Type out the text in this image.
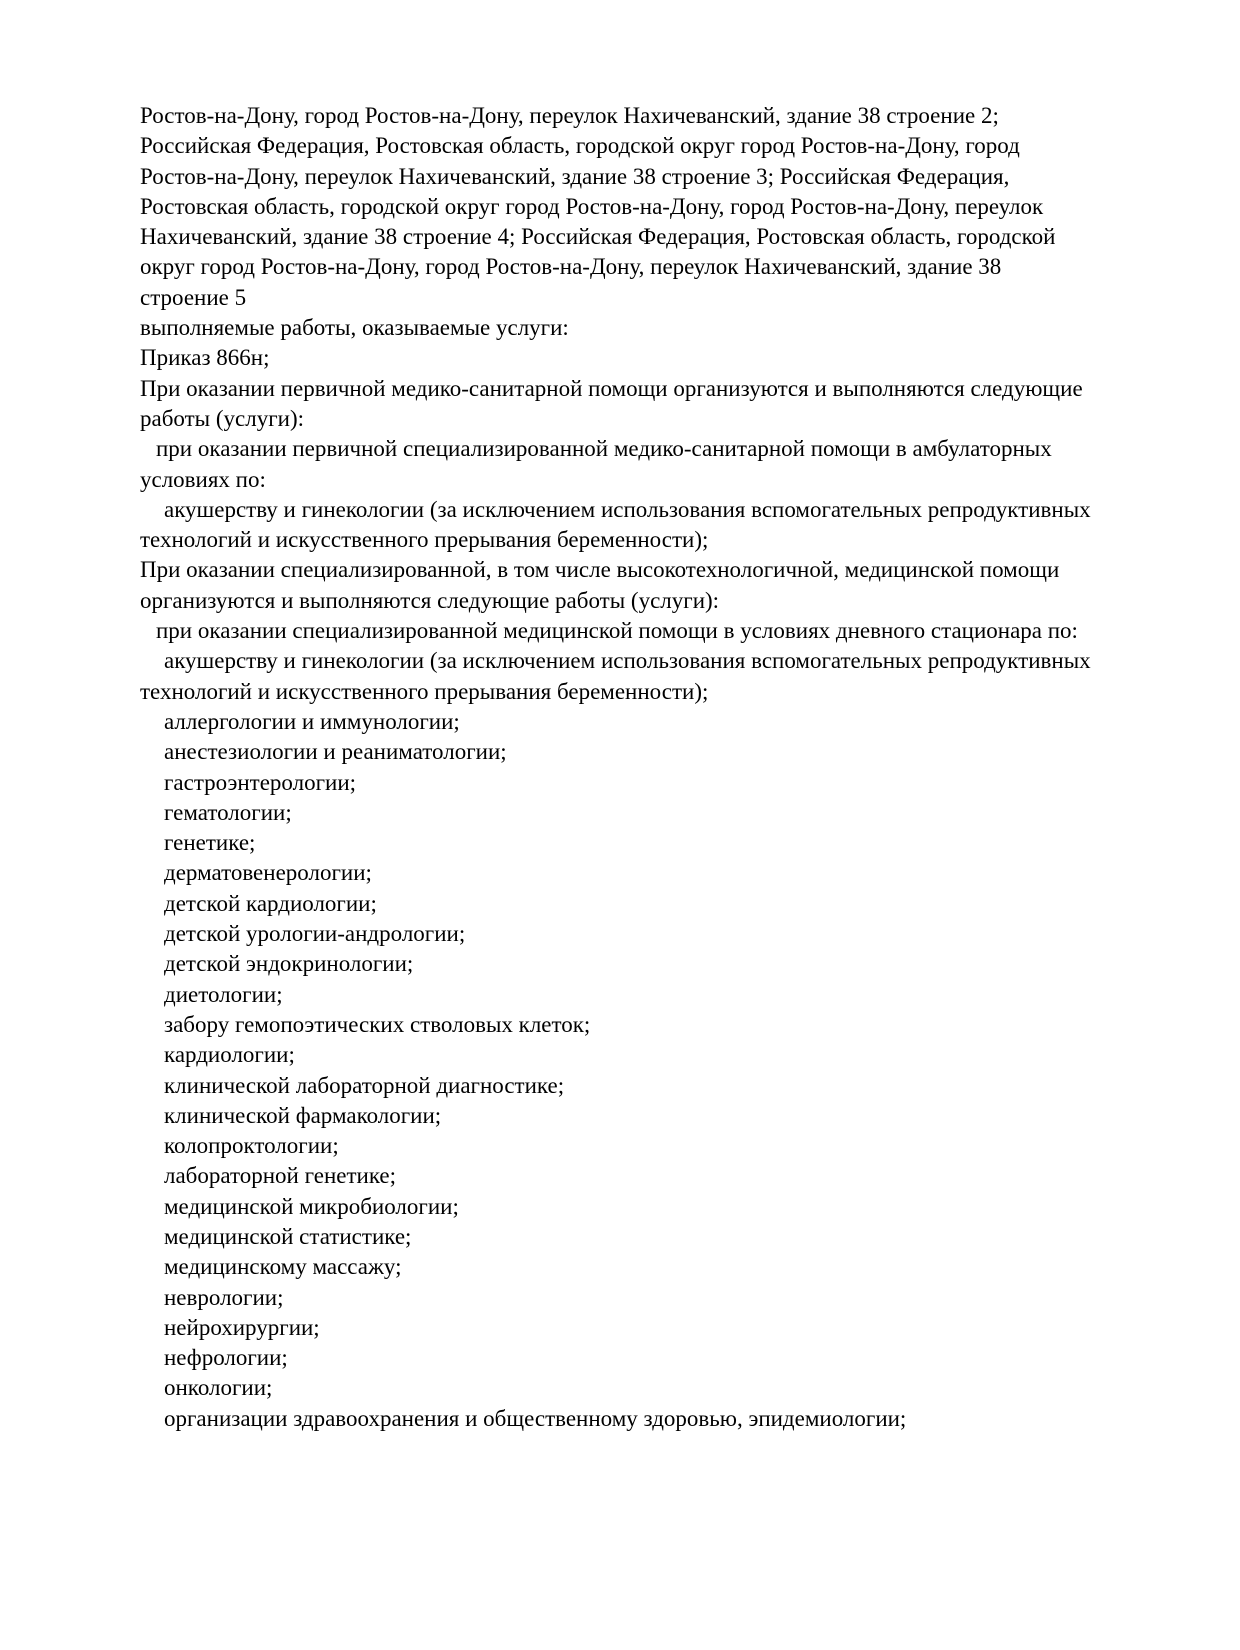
Ростов-на-Дону, город Ростов-на-Дону, переулок Нахичеванский, здание 38 строение 2;
Российская Федерация, Ростовская область, городской округ город Ростов-на-Дону, город
Ростов-на-Дону, переулок Нахичеванский, здание 38 строение 3; Российская Федерация,
Ростовская область, городской округ город Ростов-на-Дону, город Ростов-на-Дону, переулок
Нахичеванский, здание 38 строение 4; Российская Федерация, Ростовская область, городской
округ город Ростов-на-Дону, город Ростов-на-Дону, переулок Нахичеванский, здание 38
строение 5
выполняемые работы, оказываемые услуги:
Приказ 866н;
При оказании первичной медико-санитарной помощи организуются и выполняются следующие
работы (услуги):
при оказании первичной специализированной медико-санитарной помощи в амбулаторных
условиях по:
акушерству и гинекологии (за исключением использования вспомогательных репродуктивных
технологий и искусственного прерывания беременности);
При оказании специализированной, в том числе высокотехнологичной, медицинской помощи
организуются и выполняются следующие работы (услуги):
при оказании специализированной медицинской помощи в условиях дневного стационара по:
акушерству и гинекологии (за исключением использования вспомогательных репродуктивных
технологий и искусственного прерывания беременности);
аллергологии и иммунологии;
анестезиологии и реаниматологии;
гастроэнтерологии;
гематологии;
генетике;
дерматовенерологии;
детской кардиологии;
детской урологии-андрологии;
детской эндокринологии;
диетологии;
забору гемопоэтических стволовых клеток;
кардиологии;
клинической лабораторной диагностике;
клинической фармакологии;
колопроктологии;
лабораторной генетике;
медицинской микробиологии;
медицинской статистике;
медицинскому массажу;
неврологии;
нейрохирургии;
нефрологии;
онкологии;
организации здравоохранения и общественному здоровью, эпидемиологии;
